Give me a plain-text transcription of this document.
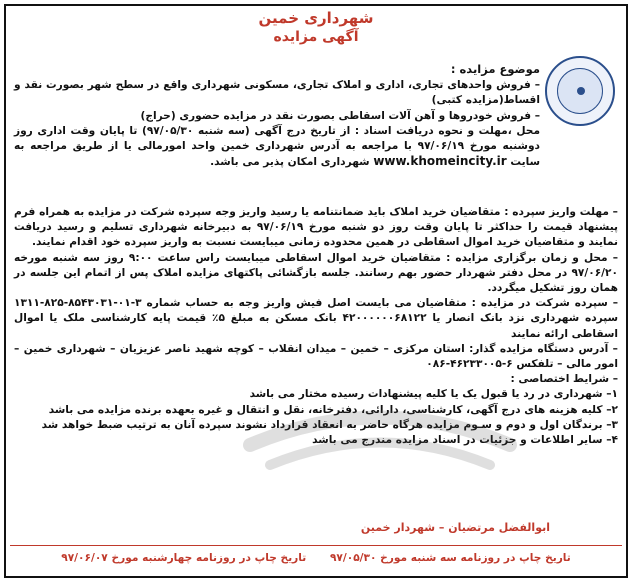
شهرداری خمین
آگهی مزایده

موضوع مزایده :

– فروش واحدهای تجاری، اداری و املاک تجاری، مسکونی شهرداری واقع در سطح شهر بصورت نقد و اقساط(مزایده کتبی)

– فروش خودروها و آهن آلات اسقاطی بصورت نقد در مزایده حضوری (حراج)

محل ،مهلت و نحوه دریافت اسناد : از تاریخ درج آگهی (سه شنبه ۹۷/۰۵/۳۰) تا پایان وقت اداری روز دوشنبه مورخ ۹۷/۰۶/۱۹ با مراجعه به آدرس شهرداری خمین واحد امورمالی یا از طریق مراجعه به سایت www.khomeincity.ir شهرداری امکان پذیر می باشد.

– مهلت واریز سپرده : متقاضیان خرید املاک باید ضمانتنامه یا رسید واریز وجه سپرده شرکت در مزایده به همراه فرم پیشنهاد قیمت را حداکثر تا پایان وقت روز دو شنبه مورخ ۹۷/۰۶/۱۹ به دبیرخانه شهرداری تسلیم و رسید دریافت نمایند و متقاضیان خرید اموال اسقاطی در همین محدوده زمانی میبایست نسبت به واریز سپرده خود اقدام نمایند.

– محل و زمان برگزاری مزایده : متقاضیان خرید اموال اسقاطی میبایست راس ساعت ۹:۰۰ روز سه شنبه مورخه ۹۷/۰۶/۲۰ در محل دفتر شهردار حضور بهم رسانند. جلسه بازگشائی پاکتهای مزایده املاک پس از اتمام این جلسه در همان روز تشکیل میگردد.

– سپرده شرکت در مزایده : متقاضیان می بایست اصل فیش واریز وجه به حساب شماره ۳-۰۱-۸۵۴۳۰۳۱-۸۲۵-۱۳۱۱ سپرده شهرداری نزد بانک انصار یا ۴۲۰۰۰۰۰۰۶۸۱۲۲ بانک مسکن به مبلغ ۵٪ قیمت پایه کارشناسی ملک یا اموال اسقاطی ارائه نمایند

– آدرس دستگاه مزایده گذار: استان مرکزی – خمین – میدان انقلاب – کوچه شهید ناصر عزیزیان – شهرداری خمین – امور مالی – تلفکس ۶-۴۶۲۳۳۰۰۵-۰۸۶

– شرایط اختصاصی :

۱– شهرداری در رد یا قبول یک یا کلیه پیشنهادات رسیده مختار می باشد

۲– کلیه هزینه های درج آگهی، کارشناسی، دارائی، دفترخانه، نقل و انتقال و غیره بعهده برنده مزایده می باشد

۳– برندگان اول و دوم و سـوم مزایده هرگاه حاضر به انعقاد قرارداد نشوند سپرده آنان به ترتیب ضبط خواهد شد

۴– سایر اطلاعات و جزئیات در اسناد مزایده مندرج می باشد

ابوالفضل مرتضیان – شهردار خمین
تاریخ چاپ در روزنامه سه شنبه مورخ ۹۷/۰۵/۳۰ تاریخ چاپ در روزنامه چهارشنبه مورخ ۹۷/۰۶/۰۷
